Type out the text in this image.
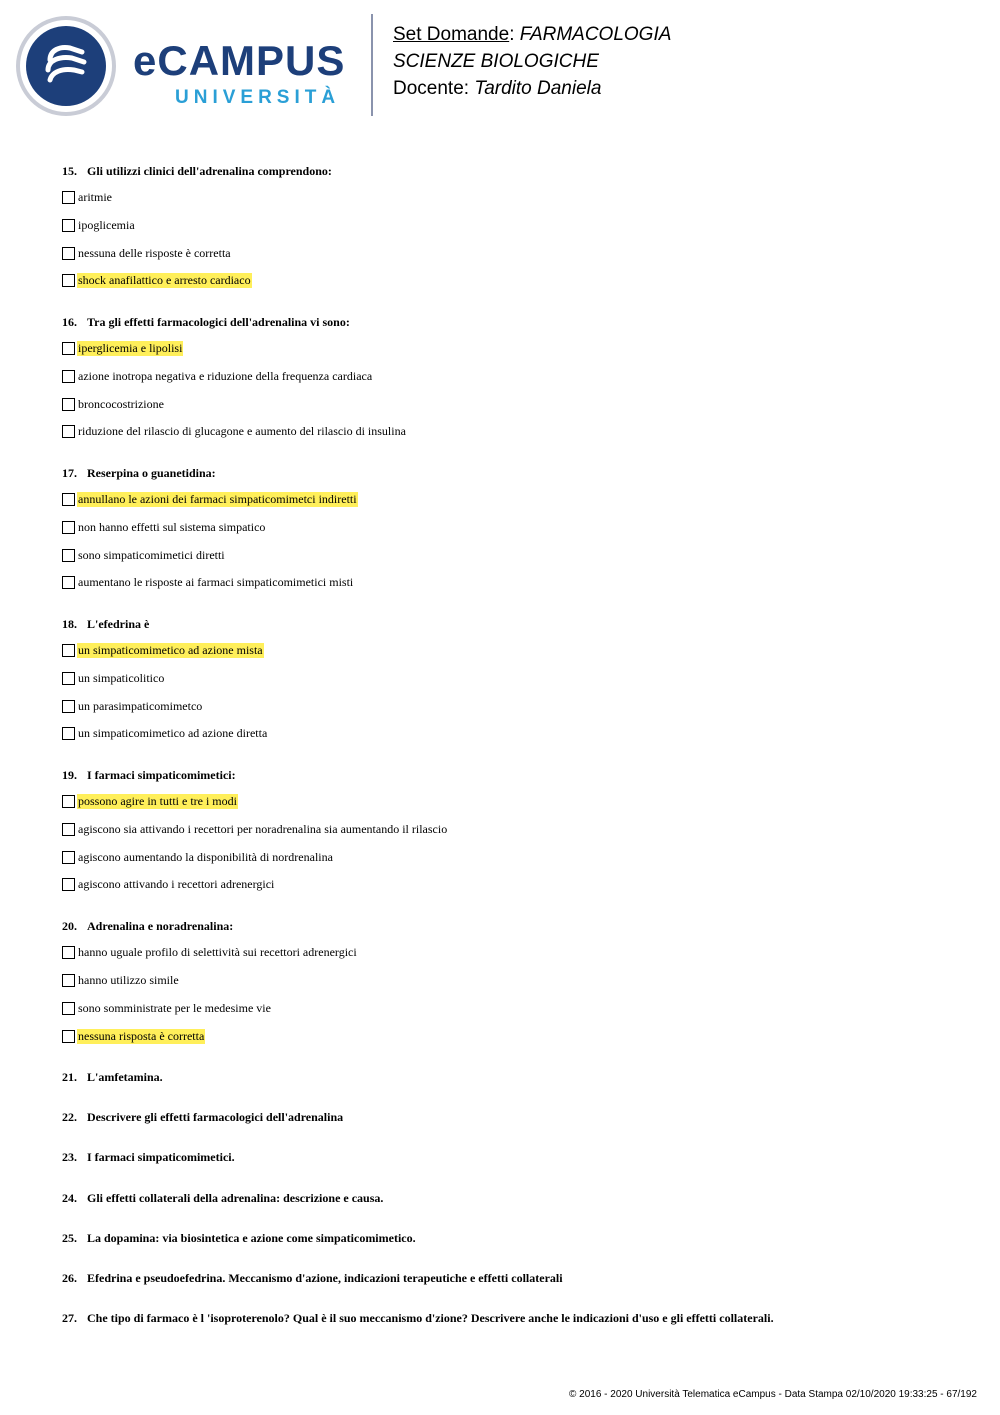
eCAMPUS
UNIVERSITÀ
Set Domande: FARMACOLOGIA
SCIENZE BIOLOGICHE
Docente: Tardito Daniela
15. Gli utilizzi clinici dell'adrenalina comprendono:
aritmie
ipoglicemia
nessuna delle risposte è corretta
shock anafilattico e arresto cardiaco
16. Tra gli effetti farmacologici dell'adrenalina vi sono:
iperglicemia e lipolisi
azione inotropa negativa e riduzione della frequenza cardiaca
broncocostrizione
riduzione del rilascio di glucagone e aumento del rilascio di insulina
17. Reserpina o guanetidina:
annullano le azioni dei farmaci simpaticomimetci indiretti
non hanno effetti sul sistema simpatico
sono simpaticomimetici diretti
aumentano le risposte ai farmaci simpaticomimetici misti
18. L'efedrina è
un simpaticomimetico ad azione mista
un simpaticolitico
un parasimpaticomimetco
un simpaticomimetico ad azione diretta
19. I farmaci simpaticomimetici:
possono agire in tutti e tre i modi
agiscono sia attivando i recettori per noradrenalina sia aumentando il rilascio
agiscono aumentando la disponibilità di nordrenalina
agiscono attivando i recettori adrenergici
20. Adrenalina e noradrenalina:
hanno uguale profilo di selettività sui recettori adrenergici
hanno utilizzo simile
sono somministrate per le medesime vie
nessuna risposta è corretta
21. L'amfetamina.
22. Descrivere gli effetti farmacologici dell'adrenalina
23. I farmaci simpaticomimetici.
24. Gli effetti collaterali della adrenalina: descrizione e causa.
25. La dopamina: via biosintetica e azione come simpaticomimetico.
26. Efedrina e pseudoefedrina. Meccanismo d'azione, indicazioni terapeutiche e effetti collaterali
27. Che tipo di farmaco è l 'isoproterenolo? Qual è il suo meccanismo d'zione? Descrivere anche le indicazioni d'uso e gli effetti collaterali.
© 2016 - 2020 Università Telematica eCampus - Data Stampa 02/10/2020 19:33:25 - 67/192
